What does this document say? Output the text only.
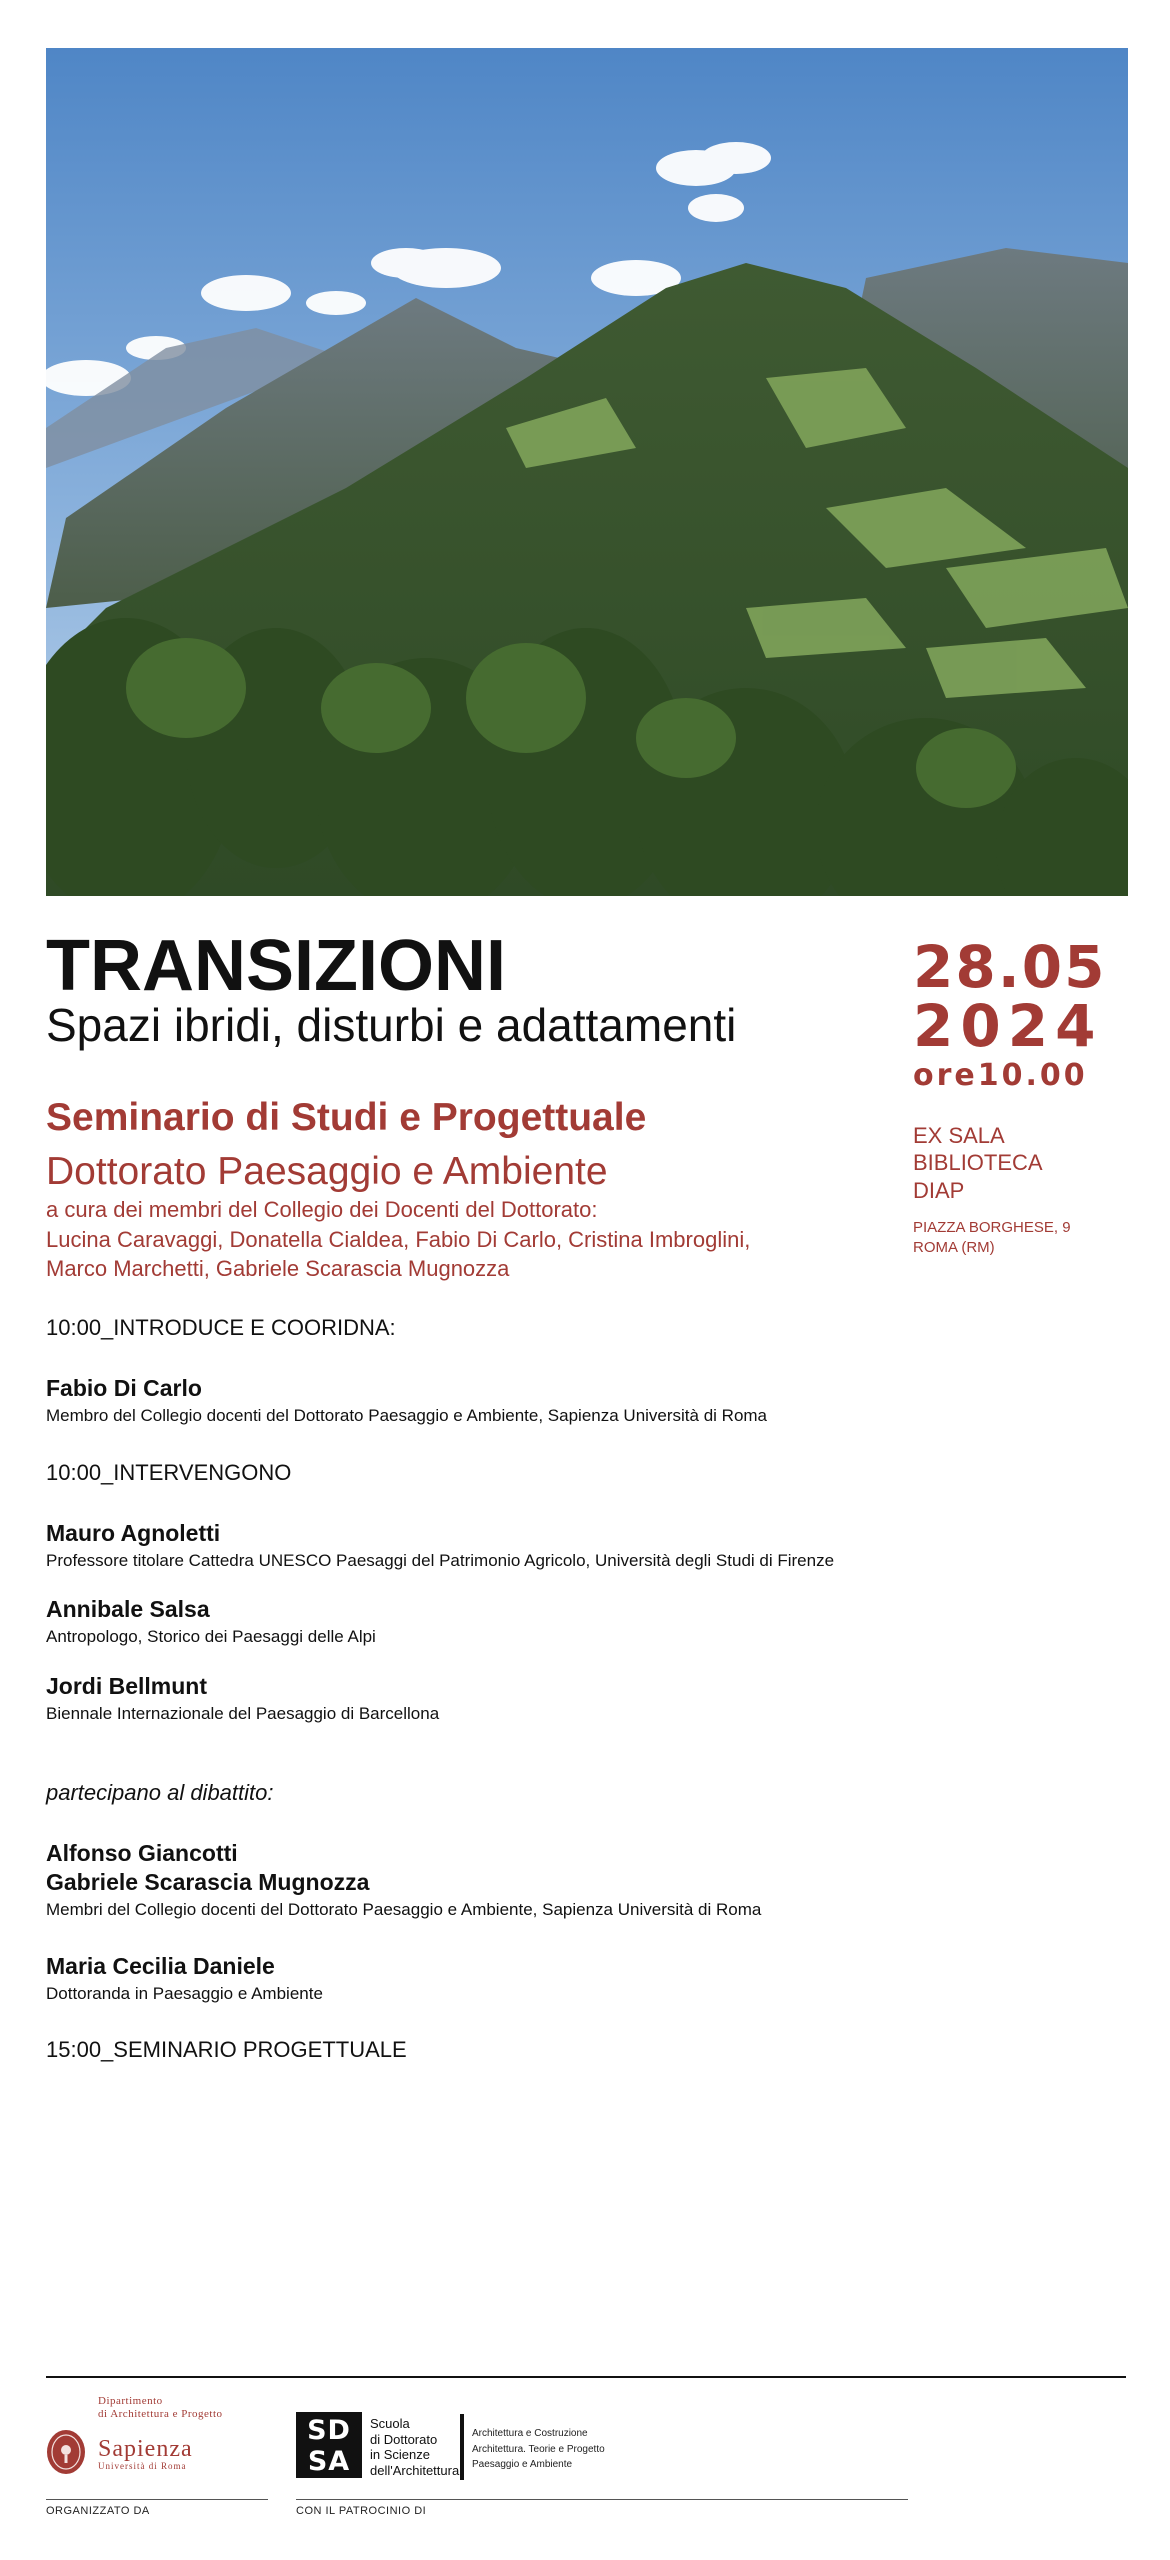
TRANSIZIONI
Spazi ibridi, disturbi e adattamenti
28.05
2024
ore10.00
EX SALA
BIBLIOTECA
DIAP
PIAZZA BORGHESE, 9
ROMA (RM)
Seminario di Studi e Progettuale
Dottorato Paesaggio e Ambiente
a cura dei membri del Collegio dei Docenti del Dottorato:
Lucina Caravaggi, Donatella Cialdea, Fabio Di Carlo, Cristina Imbroglini,
Marco Marchetti, Gabriele Scarascia Mugnozza
10:00_INTRODUCE E COORIDNA:
Fabio Di Carlo
Membro del Collegio docenti del Dottorato Paesaggio e Ambiente, Sapienza Università di Roma
10:00_INTERVENGONO
Mauro Agnoletti
Professore titolare Cattedra UNESCO Paesaggi del Patrimonio Agricolo, Università degli Studi di Firenze
Annibale Salsa
Antropologo, Storico dei Paesaggi delle Alpi
Jordi Bellmunt
Biennale Internazionale del Paesaggio di Barcellona
partecipano al dibattito:
Alfonso Giancotti
Gabriele Scarascia Mugnozza
Membri del Collegio docenti del Dottorato Paesaggio e Ambiente, Sapienza Università di Roma
Maria Cecilia Daniele
Dottoranda in Paesaggio e Ambiente
15:00_SEMINARIO PROGETTUALE
Dipartimento
di Architettura e Progetto
Sapienza
Università di Roma
SD
SA
Scuola
di Dottorato
in Scienze
dell'Architettura
Architettura e Costruzione
Architettura. Teorie e Progetto
Paesaggio e Ambiente
ORGANIZZATO DA	CON IL PATROCINIO DI
